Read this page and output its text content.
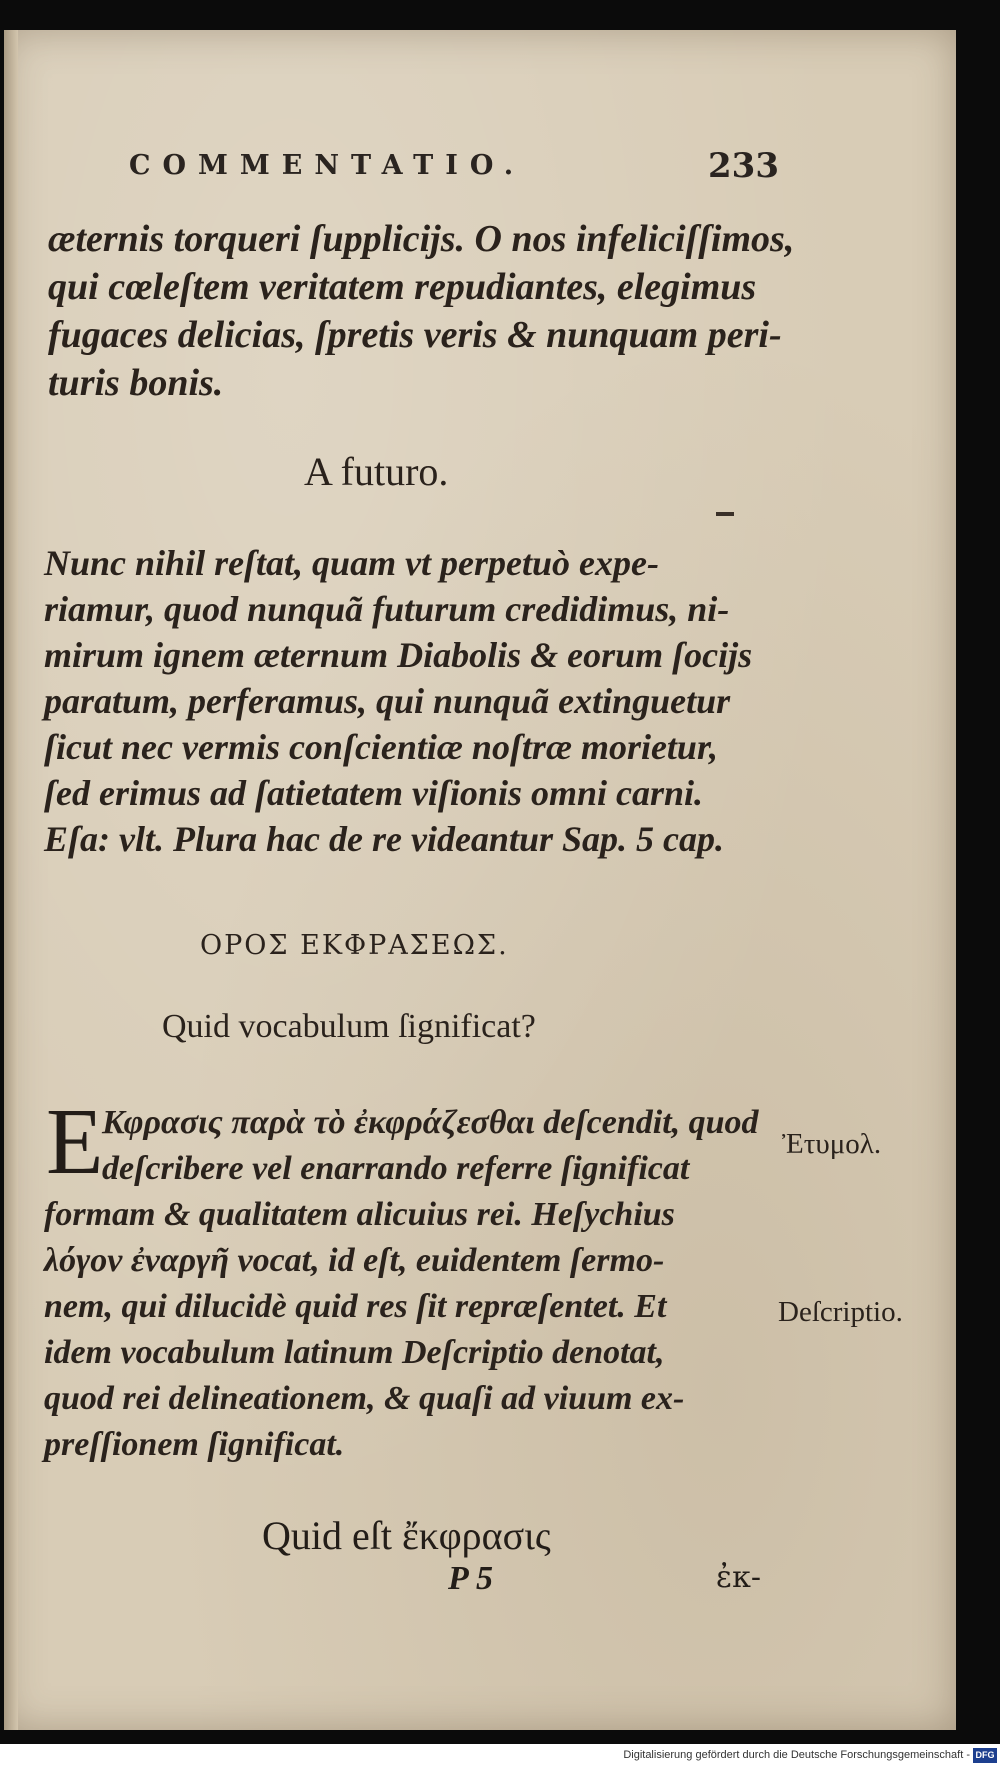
COMMENTATIO.	233
æternis torqueri ſupplicijs. O nos infeliciſſimos,
qui cœleſtem veritatem repudiantes, elegimus
fugaces delicias, ſpretis veris & nunquam peri-
turis bonis.
A futuro.
Nunc nihil reſtat, quam vt perpetuò expe-
riamur, quod nunquã futurum credidimus, ni-
mirum ignem æternum Diabolis & eorum ſocijs
paratum, perferamus, qui nunquã extinguetur
ſicut nec vermis conſcientiæ noſtræ morietur,
ſed erimus ad ſatietatem viſionis omni carni.
Eſa: vlt. Plura hac de re videantur Sap. 5 cap.
ΟΡΟΣ ΕΚΦΡΑΣΕΩΣ.
Quid vocabulum ſignificat?
E
Κφρασις παρὰ τὸ ἐκφράζεσθαι deſcendit, quod
deſcribere vel enarrando referre ſignificat
formam & qualitatem alicuius rei. Heſychius
λόγον ἐναργῆ vocat, id eſt, euidentem ſermo-
nem, qui dilucidè quid res ſit repræſentet. Et
idem vocabulum latinum Deſcriptio denotat,
quod rei delineationem, & quaſi ad viuum ex-
preſſionem ſignificat.
Ἐτυμολ.
Deſcriptio.
Quid eſt ἔκφρασις
P 5	ἐκ-
Digitalisierung gefördert durch die Deutsche Forschungsgemeinschaft - DFG
